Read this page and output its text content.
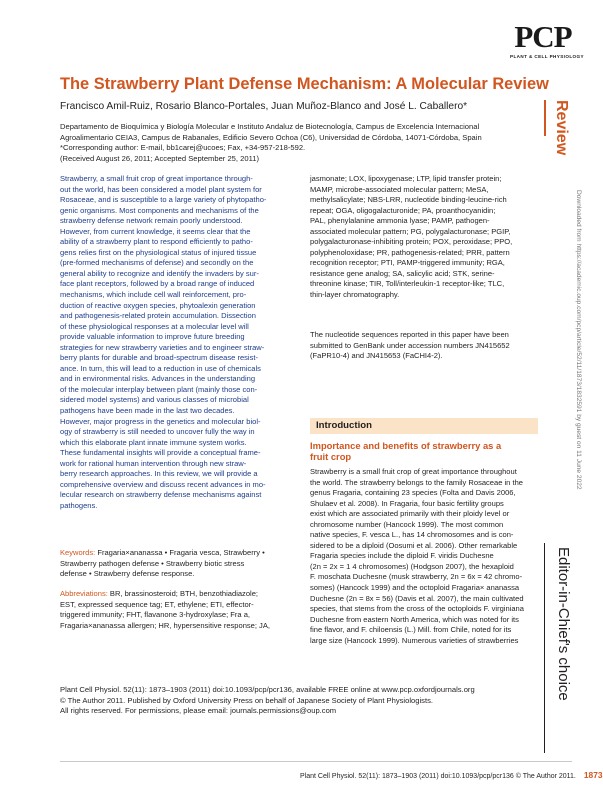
PCP
PLANT & CELL PHYSIOLOGY
Review
Downloaded from https://academic.oup.com/pcp/article/52/11/1873/1832591 by guest on 11 June 2022
Editor-in-Chief's choice
The Strawberry Plant Defense Mechanism: A Molecular Review
Francisco Amil-Ruiz, Rosario Blanco-Portales, Juan Muñoz-Blanco and José L. Caballero*
Departamento de Bioquímica y Biología Molecular e Instituto Andaluz de Biotecnología, Campus de Excelencia Internacional
Agroalimentario CEIA3, Campus de Rabanales, Edificio Severo Ochoa (C6), Universidad de Córdoba, 14071-Córdoba, Spain
*Corresponding author: E-mail, bb1carej@ucoes; Fax, +34-957-218-592.
(Received August 26, 2011; Accepted September 25, 2011)
Strawberry, a small fruit crop of great importance through-
out the world, has been considered a model plant system for
Rosaceae, and is susceptible to a large variety of phytopatho-
genic organisms. Most components and mechanisms of the
strawberry defense network remain poorly understood.
However, from current knowledge, it seems clear that the
ability of a strawberry plant to respond efficiently to patho-
gens relies first on the physiological status of injured tissue
(pre-formed mechanisms of defense) and secondly on the
general ability to recognize and identify the invaders by sur-
face plant receptors, followed by a broad range of induced
mechanisms, which include cell wall reinforcement, pro-
duction of reactive oxygen species, phytoalexin generation
and pathogenesis-related protein accumulation. Dissection
of these physiological responses at a molecular level will
provide valuable information to improve future breeding
strategies for new strawberry varieties and to engineer straw-
berry plants for durable and broad-spectrum disease resist-
ance. In turn, this will lead to a reduction in use of chemicals
and in environmental risks. Advances in the understanding
of the molecular interplay between plant (mainly those con-
sidered model systems) and various classes of microbial
pathogens have been made in the last two decades.
However, major progress in the genetics and molecular biol-
ogy of strawberry is still needed to uncover fully the way in
which this elaborate plant innate immune system works.
These fundamental insights will provide a conceptual frame-
work for rational human intervention through new straw-
berry research approaches. In this review, we will provide a
comprehensive overview and discuss recent advances in mo-
lecular research on strawberry defense mechanisms against
pathogens.
Keywords: Fragaria×ananassa • Fragaria vesca, Strawberry •
Strawberry pathogen defense • Strawberry biotic stress
defense • Strawberry defense response.
Abbreviations: BR, brassinosteroid; BTH, benzothiadiazole;
EST, expressed sequence tag; ET, ethylene; ETI, effector-
triggered immunity; FHT, flavanone 3-hydroxylase; Fra a,
Fragaria×ananassa allergen; HR, hypersensitive response; JA,
jasmonate; LOX, lipoxygenase; LTP, lipid transfer protein;
MAMP, microbe-associated molecular pattern; MeSA,
methylsalicylate; NBS-LRR, nucleotide binding-leucine-rich
repeat; OGA, oligogalacturonide; PA, proanthocyanidin;
PAL, phenylalanine ammonia lyase; PAMP, pathogen-
associated molecular pattern; PG, polygalacturonase; PGIP,
polygalacturonase-inhibiting protein; POX, peroxidase; PPO,
polyphenoloxidase; PR, pathogenesis-related; PRR, pattern
recognition receptor; PTI, PAMP-triggered immunity; RGA,
resistance gene analog; SA, salicylic acid; STK, serine-
threonine kinase; TIR, Toll/interleukin-1 receptor-like; TLC,
thin-layer chromatography.
The nucleotide sequences reported in this paper have been
submitted to GenBank under accession numbers JN415652
(FaPR10-4) and JN415653 (FaCHI4-2).
Introduction
Importance and benefits of strawberry as a
fruit crop
Strawberry is a small fruit crop of great importance throughout
the world. The strawberry belongs to the family Rosaceae in the
genus Fragaria, containing 23 species (Folta and Davis 2006,
Shulaev et al. 2008). In Fragaria, four basic fertility groups
exist which are associated primarily with their ploidy level or
chromosome number (Hancock 1999). The most common
native species, F. vesca L., has 14 chromosomes and is con-
sidered to be a diploid (Oosumi et al. 2006). Other remarkable
Fragaria species include the diploid F. viridis Duchesne
(2n = 2x = 1 4 chromosomes) (Hodgson 2007), the hexaploid
F. moschata Duchesne (musk strawberry, 2n = 6x = 42 chromo-
somes) (Hancock 1999) and the octoploid Fragaria× ananassa
Duchesne (2n = 8x = 56) (Davis et al. 2007), the main cultivated
species, that stems from the cross of the octoploids F. virginiana
Duchesne from eastern North America, which was noted for its
fine flavor, and F. chiloensis (L.) Mill. from Chile, noted for its
large size (Hancock 1999). Numerous varieties of strawberries
Plant Cell Physiol. 52(11): 1873–1903 (2011) doi:10.1093/pcp/pcr136, available FREE online at www.pcp.oxfordjournals.org
© The Author 2011. Published by Oxford University Press on behalf of Japanese Society of Plant Physiologists.
All rights reserved. For permissions, please email: journals.permissions@oup.com
Plant Cell Physiol. 52(11): 1873–1903 (2011) doi:10.1093/pcp/pcr136 © The Author 2011. 1873
